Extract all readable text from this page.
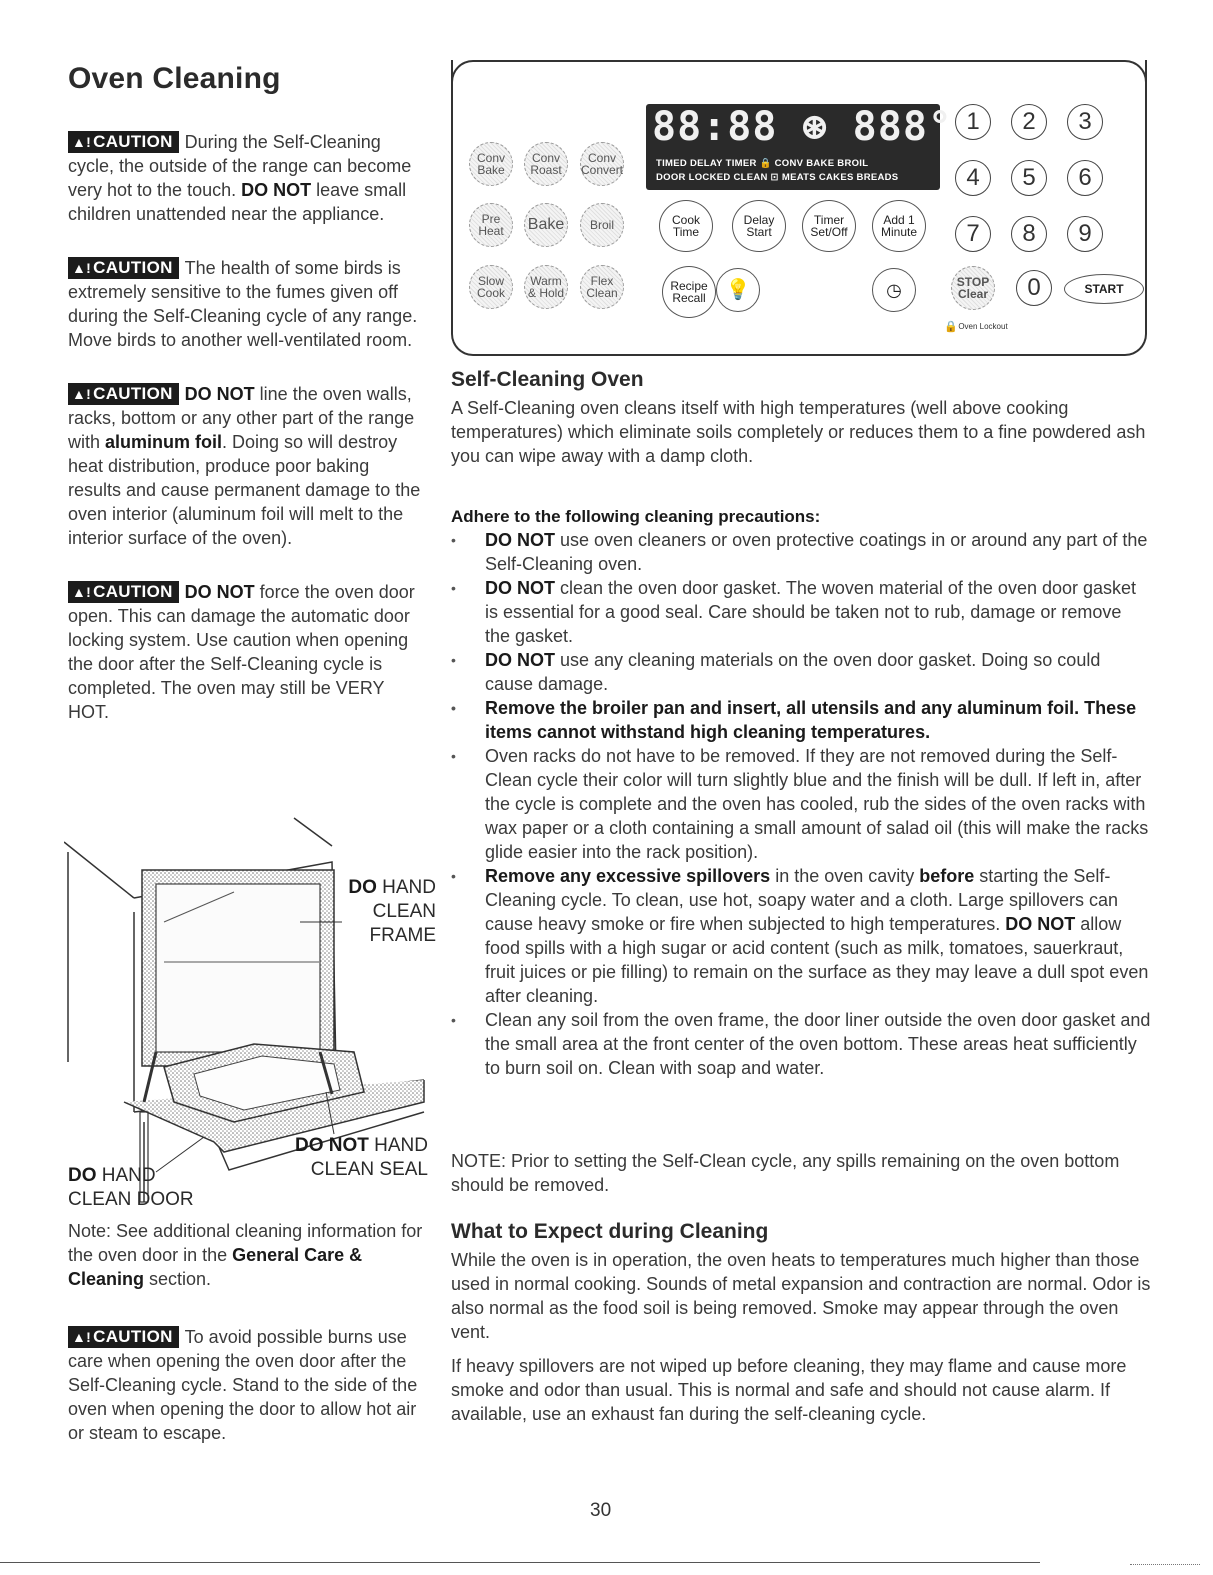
Oven Cleaning

▲! CAUTION During the Self-Cleaning cycle, the outside of the range can become very hot to the touch. DO NOT leave small children unattended near the appliance.

▲! CAUTION The health of some birds is extremely sensitive to the fumes given off during the Self-Cleaning cycle of any range. Move birds to another well-ventilated room.

▲! CAUTION DO NOT line the oven walls, racks, bottom or any other part of the range with aluminum foil. Doing so will destroy heat distribution, produce poor baking results and cause permanent damage to the oven interior (aluminum foil will melt to the interior surface of the oven).

▲! CAUTION DO NOT force the oven door open. This can damage the automatic door locking system. Use caution when opening the door after the Self-Cleaning cycle is completed. The oven may still be VERY HOT.

DO HAND CLEAN FRAME
DO NOT HAND CLEAN SEAL
DO HAND CLEAN DOOR
Note: See additional cleaning information for the oven door in the General Care & Cleaning section.
▲! CAUTION To avoid possible burns use care when opening the oven door after the Self-Cleaning cycle. Stand to the side of the oven when opening the door to allow hot air or steam to escape.
88:88 ⊛ 888°
TIMED DELAY TIMER 🔒 CONV BAKE BROIL
DOOR LOCKED CLEAN ⊡ MEATS CAKES BREADS
Conv Bake
Conv Roast
Conv Convert
Pre Heat	Bake	Broil	Cook Time
Delay Start
Timer Set/Off
Add 1 Minute
Slow Cook
Warm & Hold
Flex Clean	Recipe Recall 💡	◷
1	2	3
4	5	6
7	8	9
STOP Clear	0	START
🔒 Oven Lockout
Self-Cleaning Oven
A Self-Cleaning oven cleans itself with high temperatures (well above cooking temperatures) which eliminate soils completely or reduces them to a fine powdered ash you can wipe away with a damp cloth.
Adhere to the following cleaning precautions:
• DO NOT use oven cleaners or oven protective coatings in or around any part of the Self-Cleaning oven.
• DO NOT clean the oven door gasket. The woven material of the oven door gasket is essential for a good seal. Care should be taken not to rub, damage or remove the gasket.
• DO NOT use any cleaning materials on the oven door gasket. Doing so could cause damage.
• Remove the broiler pan and insert, all utensils and any aluminum foil. These items cannot withstand high cleaning temperatures.
• Oven racks do not have to be removed. If they are not removed during the Self-Clean cycle their color will turn slightly blue and the finish will be dull. If left in, after the cycle is complete and the oven has cooled, rub the sides of the oven racks with wax paper or a cloth containing a small amount of salad oil (this will make the racks glide easier into the rack position).
• Remove any excessive spillovers in the oven cavity before starting the Self-Cleaning cycle. To clean, use hot, soapy water and a cloth. Large spillovers can cause heavy smoke or fire when subjected to high temperatures. DO NOT allow food spills with a high sugar or acid content (such as milk, tomatoes, sauerkraut, fruit juices or pie filling) to remain on the surface as they may leave a dull spot even after cleaning.
• Clean any soil from the oven frame, the door liner outside the oven door gasket and the small area at the front center of the oven bottom. These areas heat sufficiently to burn soil on. Clean with soap and water.
NOTE: Prior to setting the Self-Clean cycle, any spills remaining on the oven bottom should be removed.
What to Expect during Cleaning
While the oven is in operation, the oven heats to temperatures much higher than those used in normal cooking. Sounds of metal expansion and contraction are normal. Odor is also normal as the food soil is being removed. Smoke may appear through the oven vent.
If heavy spillovers are not wiped up before cleaning, they may flame and cause more smoke and odor than usual. This is normal and safe and should not cause alarm. If available, use an exhaust fan during the self-cleaning cycle.
30
